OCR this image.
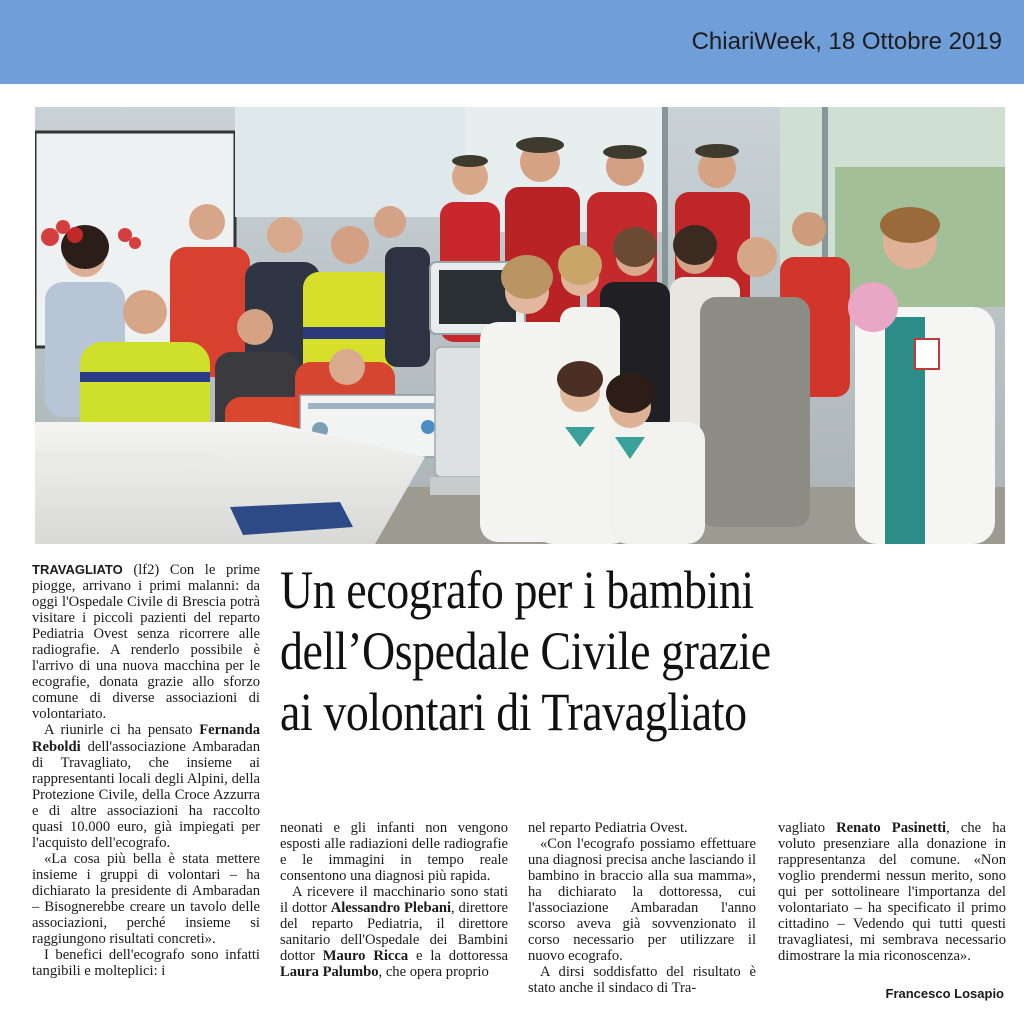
ChiariWeek, 18 Ottobre 2019

TRAVAGLIATO (lf2) Con le prime piogge, arrivano i primi malanni: da oggi l'Ospedale Civile di Brescia potrà visitare i piccoli pazienti del reparto Pediatria Ovest senza ricorrere alle radiografie. A renderlo possibile è l'arrivo di una nuova macchina per le ecografie, donata grazie allo sforzo comune di diverse associazioni di volontariato.

A riunirle ci ha pensato Fernanda Reboldi dell'associazione Ambaradan di Travagliato, che insieme ai rappresentanti locali degli Alpini, della Protezione Civile, della Croce Azzurra e di altre associazioni ha raccolto quasi 10.000 euro, già impiegati per l'acquisto dell'ecografo.

«La cosa più bella è stata mettere insieme i gruppi di volontari – ha dichiarato la presidente di Ambaradan – Bisognerebbe creare un tavolo delle associazioni, perché insieme si raggiungono risultati concreti».

I benefici dell'ecografo sono infatti tangibili e molteplici: i

Un ecografo per i bambini
dell’Ospedale Civile grazie
ai volontari di Travagliato

neonati e gli infanti non vengono esposti alle radiazioni delle radiografie e le immagini in tempo reale consentono una diagnosi più rapida.

A ricevere il macchinario sono stati il dottor Alessandro Plebani, direttore del reparto Pediatria, il direttore sanitario dell'Ospedale dei Bambini dottor Mauro Ricca e la dottoressa Laura Palumbo, che opera proprio

nel reparto Pediatria Ovest.

«Con l'ecografo possiamo effettuare una diagnosi precisa anche lasciando il bambino in braccio alla sua mamma», ha dichiarato la dottoressa, cui l'associazione Ambaradan l'anno scorso aveva già sovvenzionato il corso necessario per utilizzare il nuovo ecografo.

A dirsi soddisfatto del risultato è stato anche il sindaco di Tra-

vagliato Renato Pasinetti, che ha voluto presenziare alla donazione in rappresentanza del comune. «Non voglio prendermi nessun merito, sono qui per sottolineare l'importanza del volontariato – ha specificato il primo cittadino – Vedendo qui tutti questi travagliatesi, mi sembrava necessario dimostrare la mia riconoscenza».

Francesco Losapio
